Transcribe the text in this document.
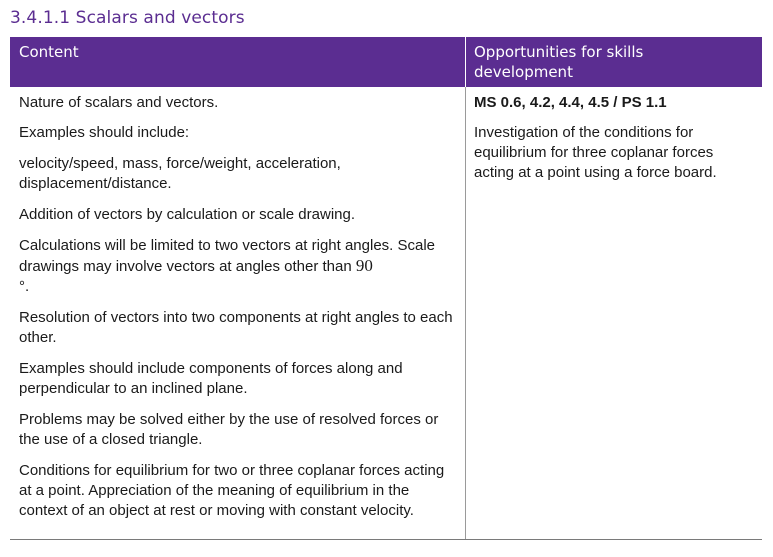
3.4.1.1 Scalars and vectors
Content	Opportunities for skills development

Nature of scalars and vectors.

Examples should include:

velocity/speed, mass, force/weight, acceleration, displacement/distance.

Addition of vectors by calculation or scale drawing.

Calculations will be limited to two vectors at right angles. Scale drawings may involve vectors at angles other than 90
°.

Resolution of vectors into two components at right angles to each other.

Examples should include components of forces along and perpendicular to an inclined plane.

Problems may be solved either by the use of resolved forces or the use of a closed triangle.

Conditions for equilibrium for two or three coplanar forces acting at a point. Appreciation of the meaning of equilibrium in the context of an object at rest or moving with constant velocity.

MS 0.6, 4.2, 4.4, 4.5 / PS 1.1

Investigation of the conditions for equilibrium for three coplanar forces acting at a point using a force board.
